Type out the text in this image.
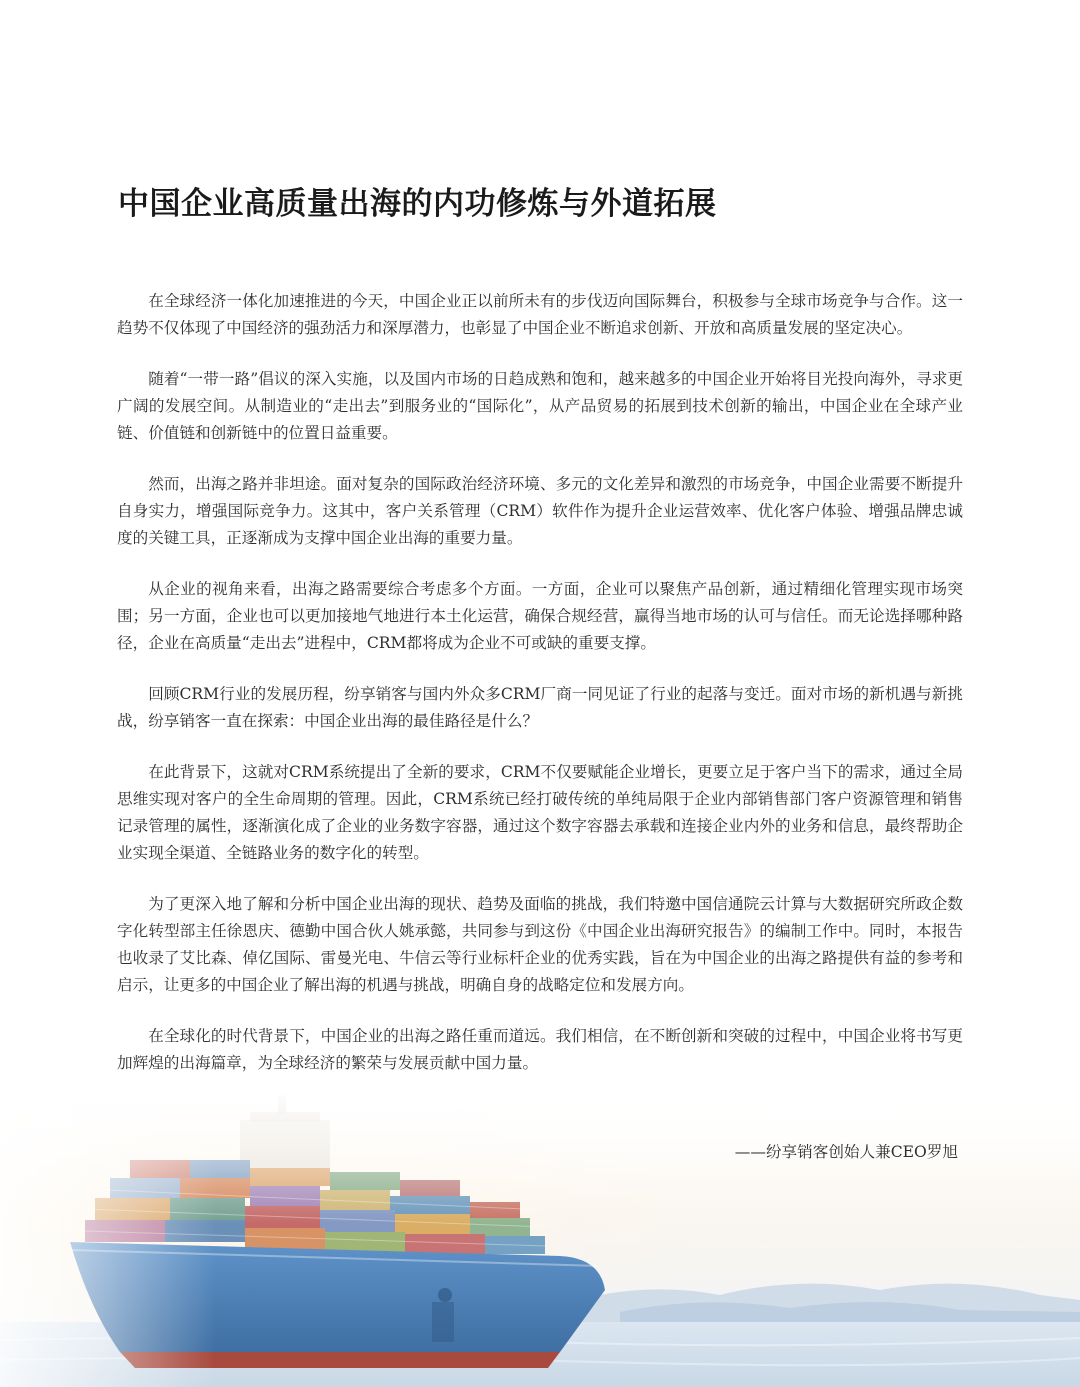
中国企业高质量出海的内功修炼与外道拓展

在全球经济一体化加速推进的今天，中国企业正以前所未有的步伐迈向国际舞台，积极参与全球市场竞争与合作。这一趋势不仅体现了中国经济的强劲活力和深厚潜力，也彰显了中国企业不断追求创新、开放和高质量发展的坚定决心。

随着“一带一路”倡议的深入实施，以及国内市场的日趋成熟和饱和，越来越多的中国企业开始将目光投向海外，寻求更广阔的发展空间。从制造业的“走出去”到服务业的“国际化”，从产品贸易的拓展到技术创新的输出，中国企业在全球产业链、价值链和创新链中的位置日益重要。

然而，出海之路并非坦途。面对复杂的国际政治经济环境、多元的文化差异和激烈的市场竞争，中国企业需要不断提升自身实力，增强国际竞争力。这其中，客户关系管理（CRM）软件作为提升企业运营效率、优化客户体验、增强品牌忠诚度的关键工具，正逐渐成为支撑中国企业出海的重要力量。

从企业的视角来看，出海之路需要综合考虑多个方面。一方面，企业可以聚焦产品创新，通过精细化管理实现市场突围；另一方面，企业也可以更加接地气地进行本土化运营，确保合规经营，赢得当地市场的认可与信任。而无论选择哪种路径，企业在高质量“走出去”进程中，CRM都将成为企业不可或缺的重要支撑。

回顾CRM行业的发展历程，纷享销客与国内外众多CRM厂商一同见证了行业的起落与变迁。面对市场的新机遇与新挑战，纷享销客一直在探索：中国企业出海的最佳路径是什么？

在此背景下，这就对CRM系统提出了全新的要求，CRM不仅要赋能企业增长，更要立足于客户当下的需求，通过全局思维实现对客户的全生命周期的管理。因此，CRM系统已经打破传统的单纯局限于企业内部销售部门客户资源管理和销售记录管理的属性，逐渐演化成了企业的业务数字容器，通过这个数字容器去承载和连接企业内外的业务和信息，最终帮助企业实现全渠道、全链路业务的数字化的转型。

为了更深入地了解和分析中国企业出海的现状、趋势及面临的挑战，我们特邀中国信通院云计算与大数据研究所政企数字化转型部主任徐恩庆、德勤中国合伙人姚承懿，共同参与到这份《中国企业出海研究报告》的编制工作中。同时，本报告也收录了艾比森、倬亿国际、雷曼光电、牛信云等行业标杆企业的优秀实践，旨在为中国企业的出海之路提供有益的参考和启示，让更多的中国企业了解出海的机遇与挑战，明确自身的战略定位和发展方向。

在全球化的时代背景下，中国企业的出海之路任重而道远。我们相信，在不断创新和突破的过程中，中国企业将书写更加辉煌的出海篇章，为全球经济的繁荣与发展贡献中国力量。

——纷享销客创始人兼CEO罗旭
